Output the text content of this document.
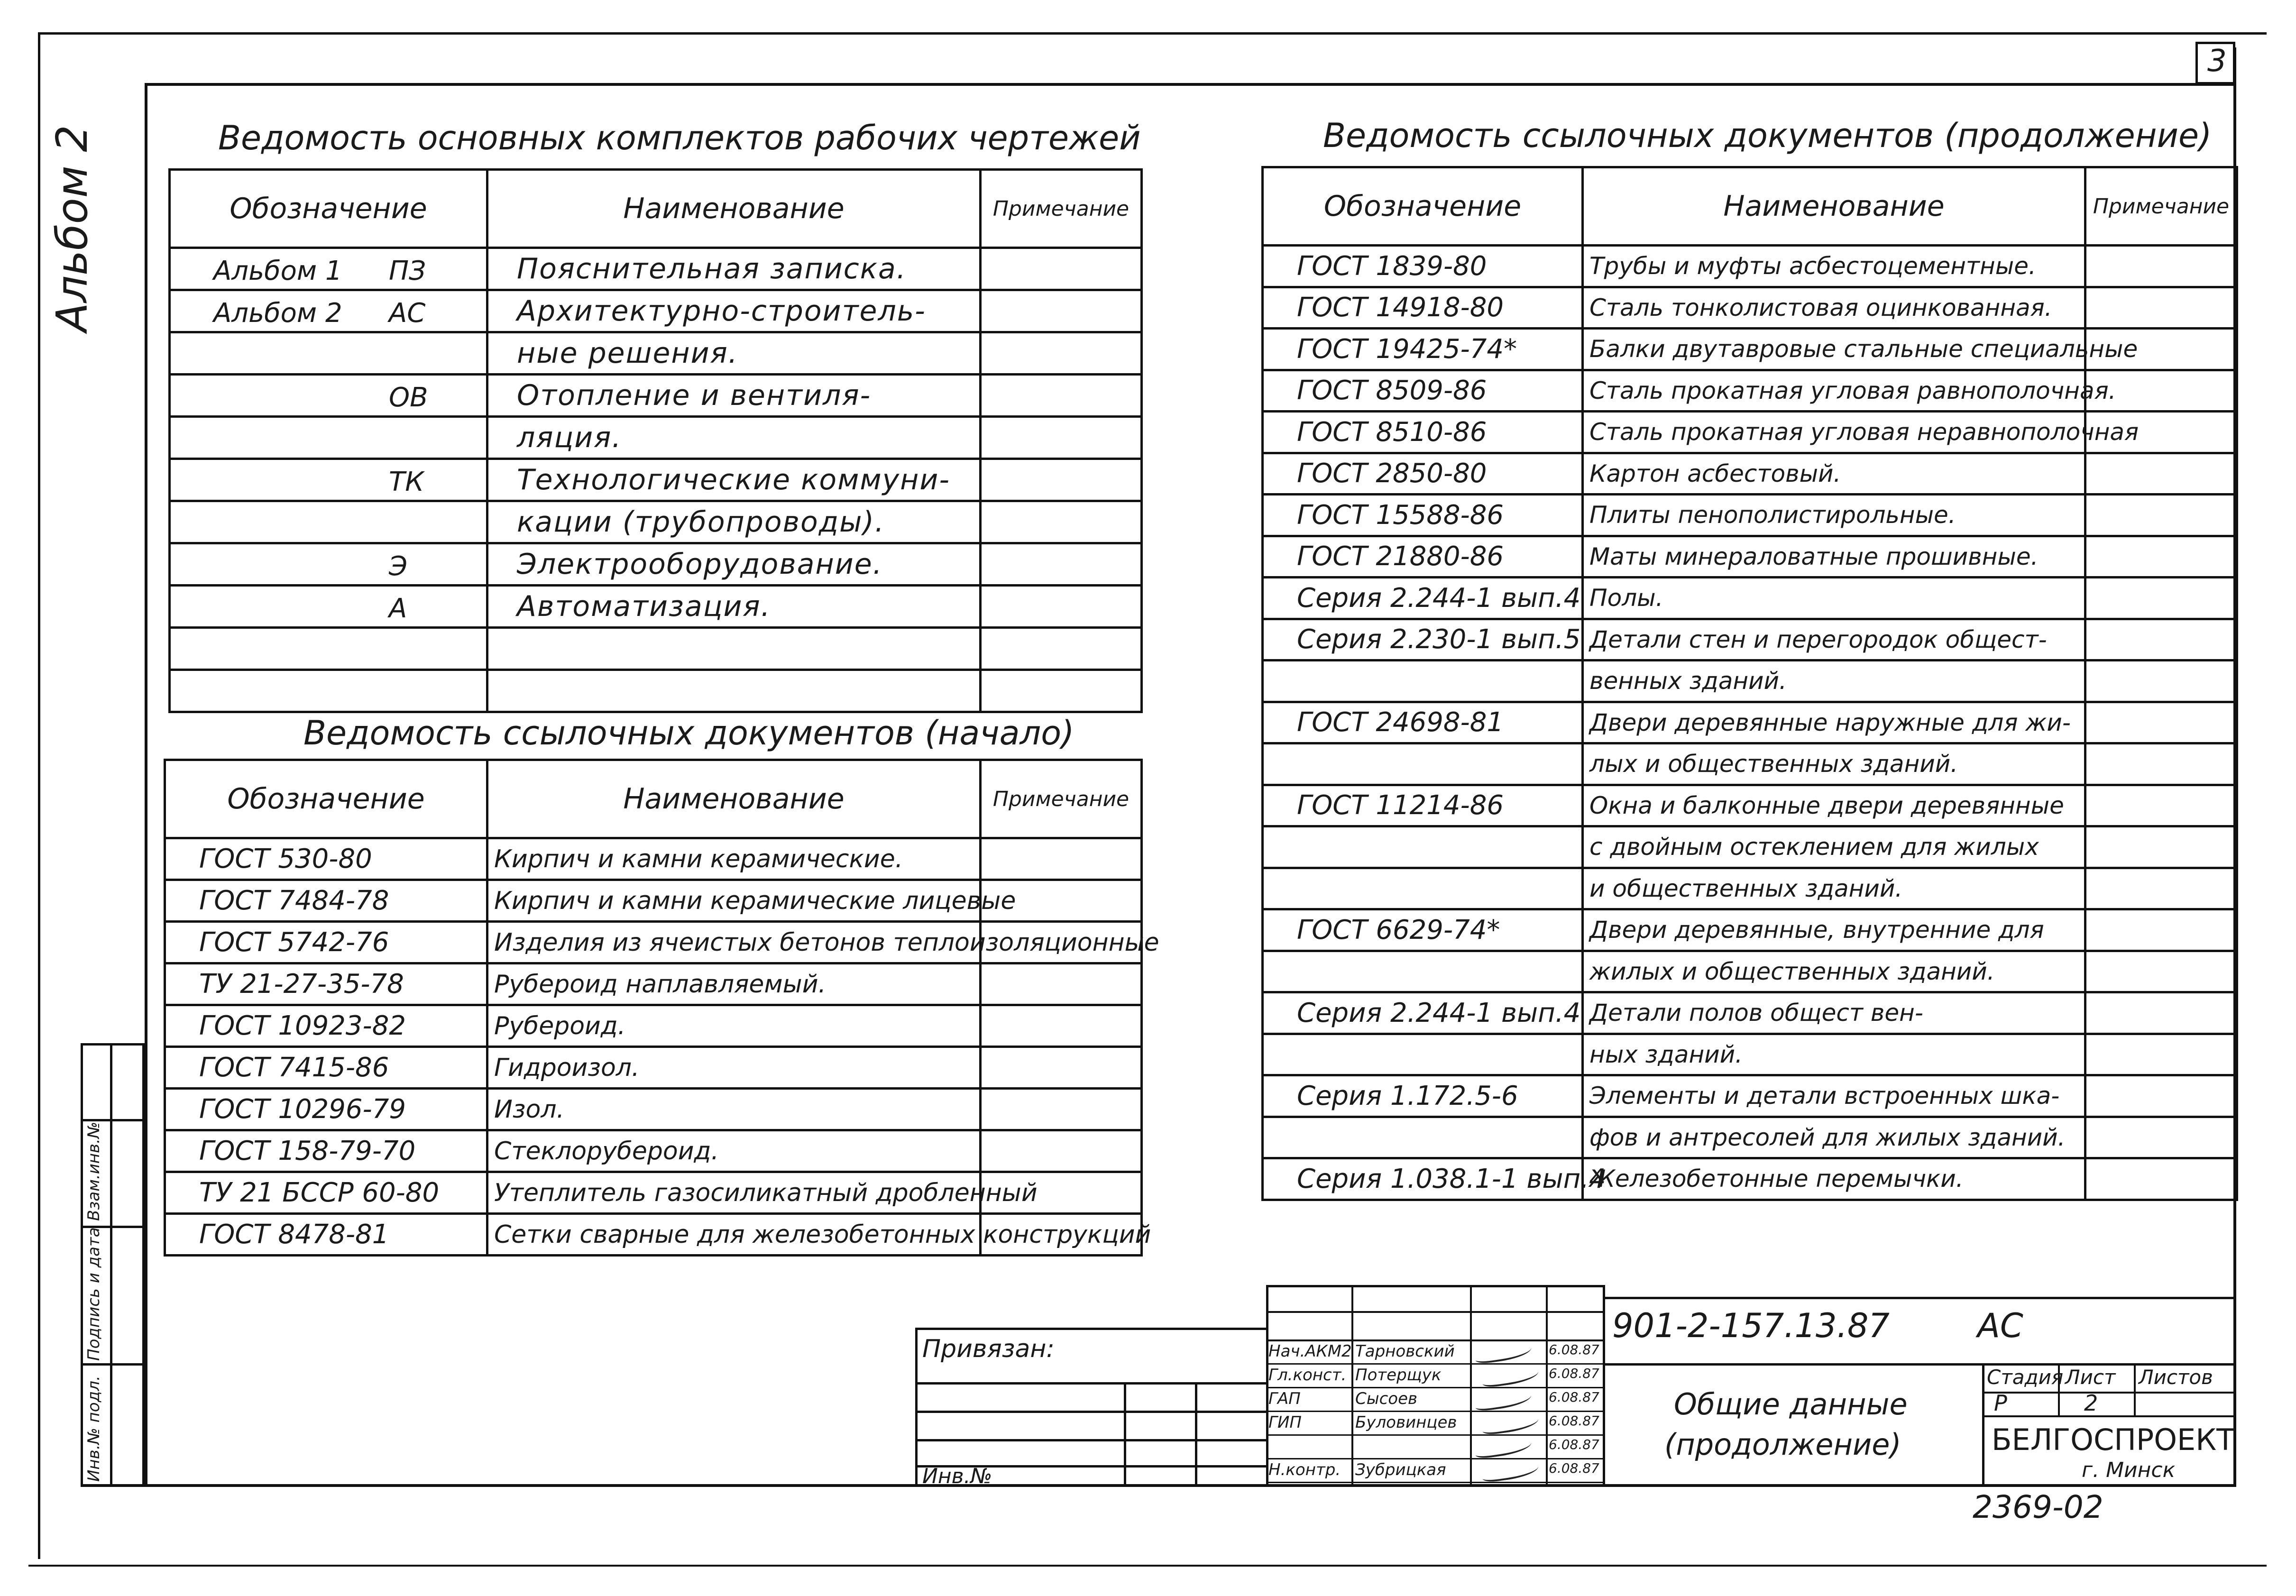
3
Альбом 2
Инв.№ подл.
Подпись и дата
Взам.инв.№
Ведомость основных комплектов рабочих чертежей
Обозначение	Наименование	Примечание
Альбом 1 ПЗ	Пояснительная записка.	

Альбом 2 АС	Архитектурно-строитель-	

	ные решения.	

ОВ	Отопление и вентиля-	

	ляция.	

ТК	Технологические коммуни-	

	кации (трубопроводы).	

Э	Электрооборудование.	

А	Автоматизация.	

Ведомость ссылочных документов (начало)
Обозначение	Наименование	Примечание
ГОСТ 530-80	Кирпич и камни керамические.	
ГОСТ 7484-78	Кирпич и камни керамические лицевые	
ГОСТ 5742-76	Изделия из ячеистых бетонов теплоизоляционные	
ТУ 21-27-35-78	Рубероид наплавляемый.	
ГОСТ 10923-82	Рубероид.	
ГОСТ 7415-86	Гидроизол.	
ГОСТ 10296-79	Изол.	
ГОСТ 158-79-70	Стеклорубероид.	
ТУ 21 БССР 60-80	Утеплитель газосиликатный дробленный	
ГОСТ 8478-81	Сетки сварные для железобетонных конструкций	
Ведомость ссылочных документов (продолжение)
Обозначение	Наименование	Примечание
ГОСТ 1839-80	Трубы и муфты асбестоцементные.	
ГОСТ 14918-80	Сталь тонколистовая оцинкованная.	
ГОСТ 19425-74*	Балки двутавровые стальные специальные	
ГОСТ 8509-86	Сталь прокатная угловая равнополочная.	
ГОСТ 8510-86	Сталь прокатная угловая неравнополочная	
ГОСТ 2850-80	Картон асбестовый.	
ГОСТ 15588-86	Плиты пенополистирольные.	
ГОСТ 21880-86	Маты минераловатные прошивные.	
Серия 2.244-1 вып.4	Полы.	
Серия 2.230-1 вып.5	Детали стен и перегородок общест-	
	венных зданий.	
ГОСТ 24698-81	Двери деревянные наружные для жи-	
	лых и общественных зданий.	
ГОСТ 11214-86	Окна и балконные двери деревянные	
	с двойным остеклением для жилых	
	и общественных зданий.	
ГОСТ 6629-74*	Двери деревянные, внутренние для	
	жилых и общественных зданий.	
Серия 2.244-1 вып.4	Детали полов общест вен-	
	ных зданий.	
Серия 1.172.5-6	Элементы и детали встроенных шка-	
	фов и антресолей для жилых зданий.	
Серия 1.038.1-1 вып.4	Железобетонные перемычки.	
Привязан:
Инв.№
Нач.АКМ2 Тарновский	6.08.87
Гл.конст. Потерщук	6.08.87
ГАП	Сысоев	6.08.87
ГИП	Буловинцев	6.08.87
6.08.87
Н.контр. Зубрицкая	6.08.87
901-2-157.13.87	АС
Общие данные
(продолжение)
Стадия Лист Листов
Р	2
БЕЛГОСПРОЕКТ
г. Минск
2369-02
